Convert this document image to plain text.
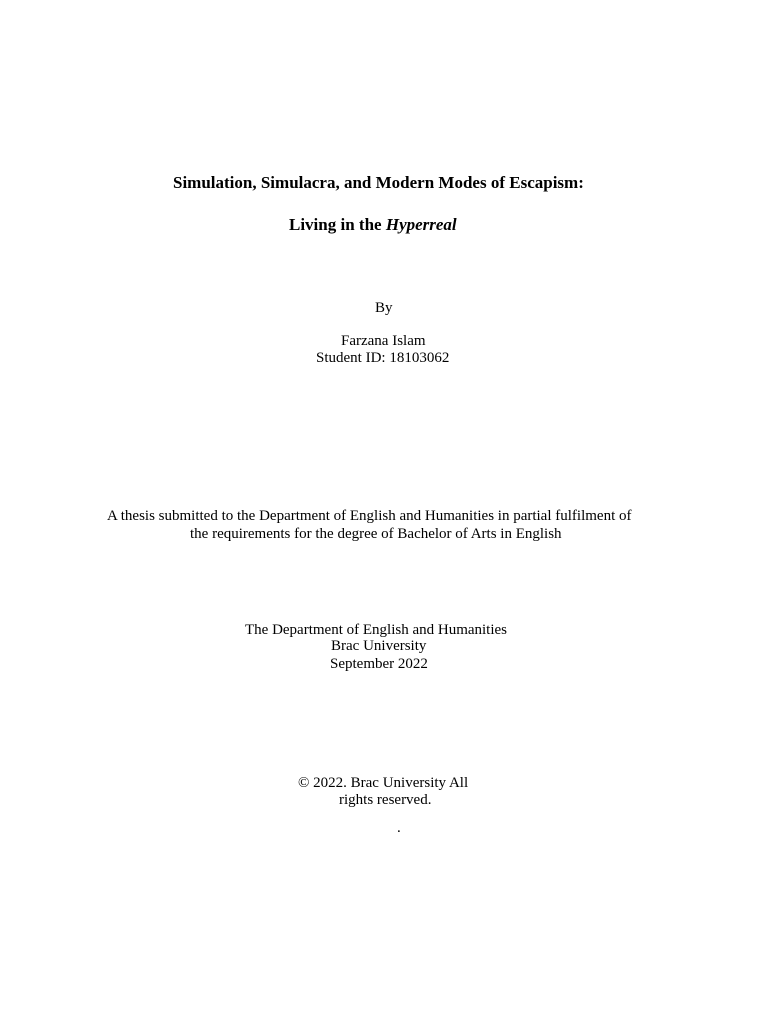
Simulation, Simulacra, and Modern Modes of Escapism:
Living in the Hyperreal
By
Farzana Islam
Student ID: 18103062
A thesis submitted to the Department of English and Humanities in partial fulfilment of
the requirements for the degree of Bachelor of Arts in English
The Department of English and Humanities
Brac University
September 2022
© 2022. Brac University All
rights reserved.
.
